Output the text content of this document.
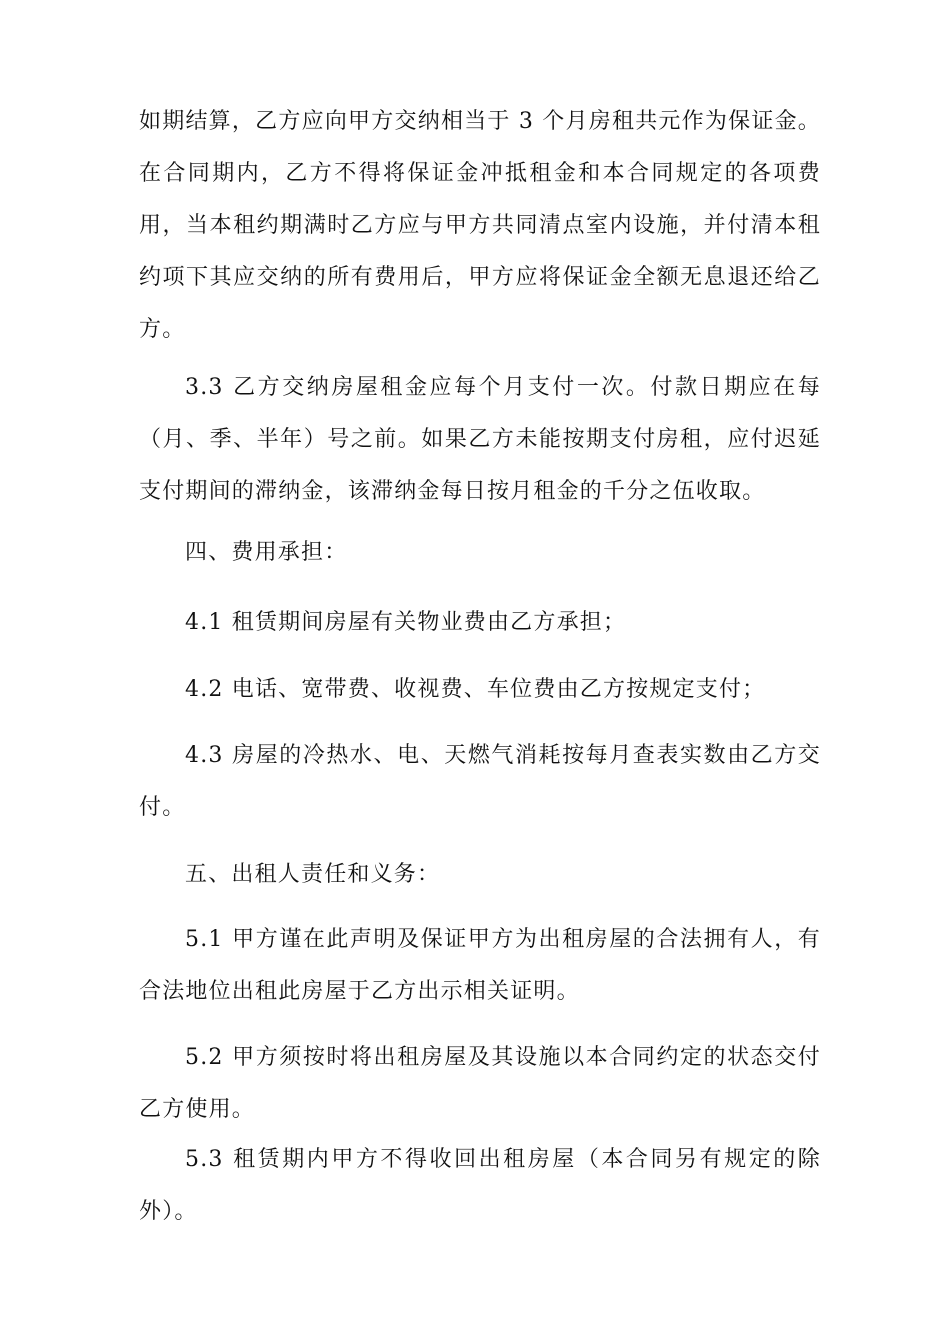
如期结算，乙方应向甲方交纳相当于 3 个月房租共元作为保证金。在合同期内，乙方不得将保证金冲抵租金和本合同规定的各项费用，当本租约期满时乙方应与甲方共同清点室内设施，并付清本租约项下其应交纳的所有费用后，甲方应将保证金全额无息退还给乙方。

3.3 乙方交纳房屋租金应每个月支付一次。付款日期应在每（月、季、半年）号之前。如果乙方未能按期支付房租，应付迟延支付期间的滞纳金，该滞纳金每日按月租金的千分之伍收取。

四、费用承担：

4.1 租赁期间房屋有关物业费由乙方承担；

4.2 电话、宽带费、收视费、车位费由乙方按规定支付；

4.3 房屋的冷热水、电、天燃气消耗按每月查表实数由乙方交付。

五、出租人责任和义务：

5.1 甲方谨在此声明及保证甲方为出租房屋的合法拥有人，有合法地位出租此房屋于乙方出示相关证明。

5.2 甲方须按时将出租房屋及其设施以本合同约定的状态交付乙方使用。

5.3 租赁期内甲方不得收回出租房屋（本合同另有规定的除外）。
